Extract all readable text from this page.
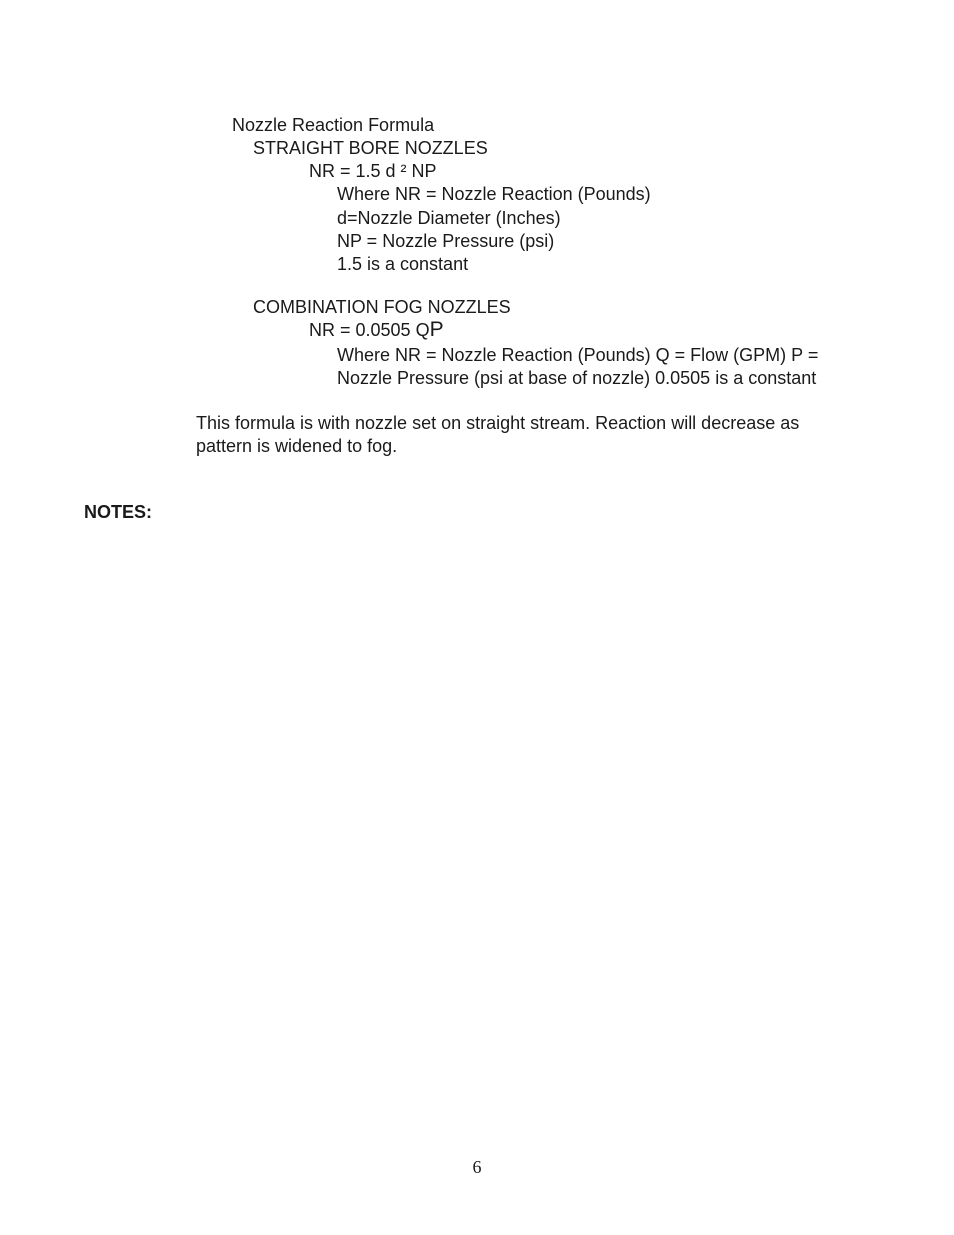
Nozzle Reaction Formula
STRAIGHT BORE NOZZLES
NR = 1.5 d ² NP
Where NR = Nozzle Reaction (Pounds)
d=Nozzle Diameter (Inches)
NP = Nozzle Pressure (psi)
1.5 is a constant
COMBINATION FOG NOZZLES
NR = 0.0505 QP
Where NR = Nozzle Reaction (Pounds) Q = Flow (GPM) P =
Nozzle Pressure (psi at base of nozzle) 0.0505 is a constant
This formula is with nozzle set on straight stream. Reaction will decrease as
pattern is widened to fog.
NOTES:
6
